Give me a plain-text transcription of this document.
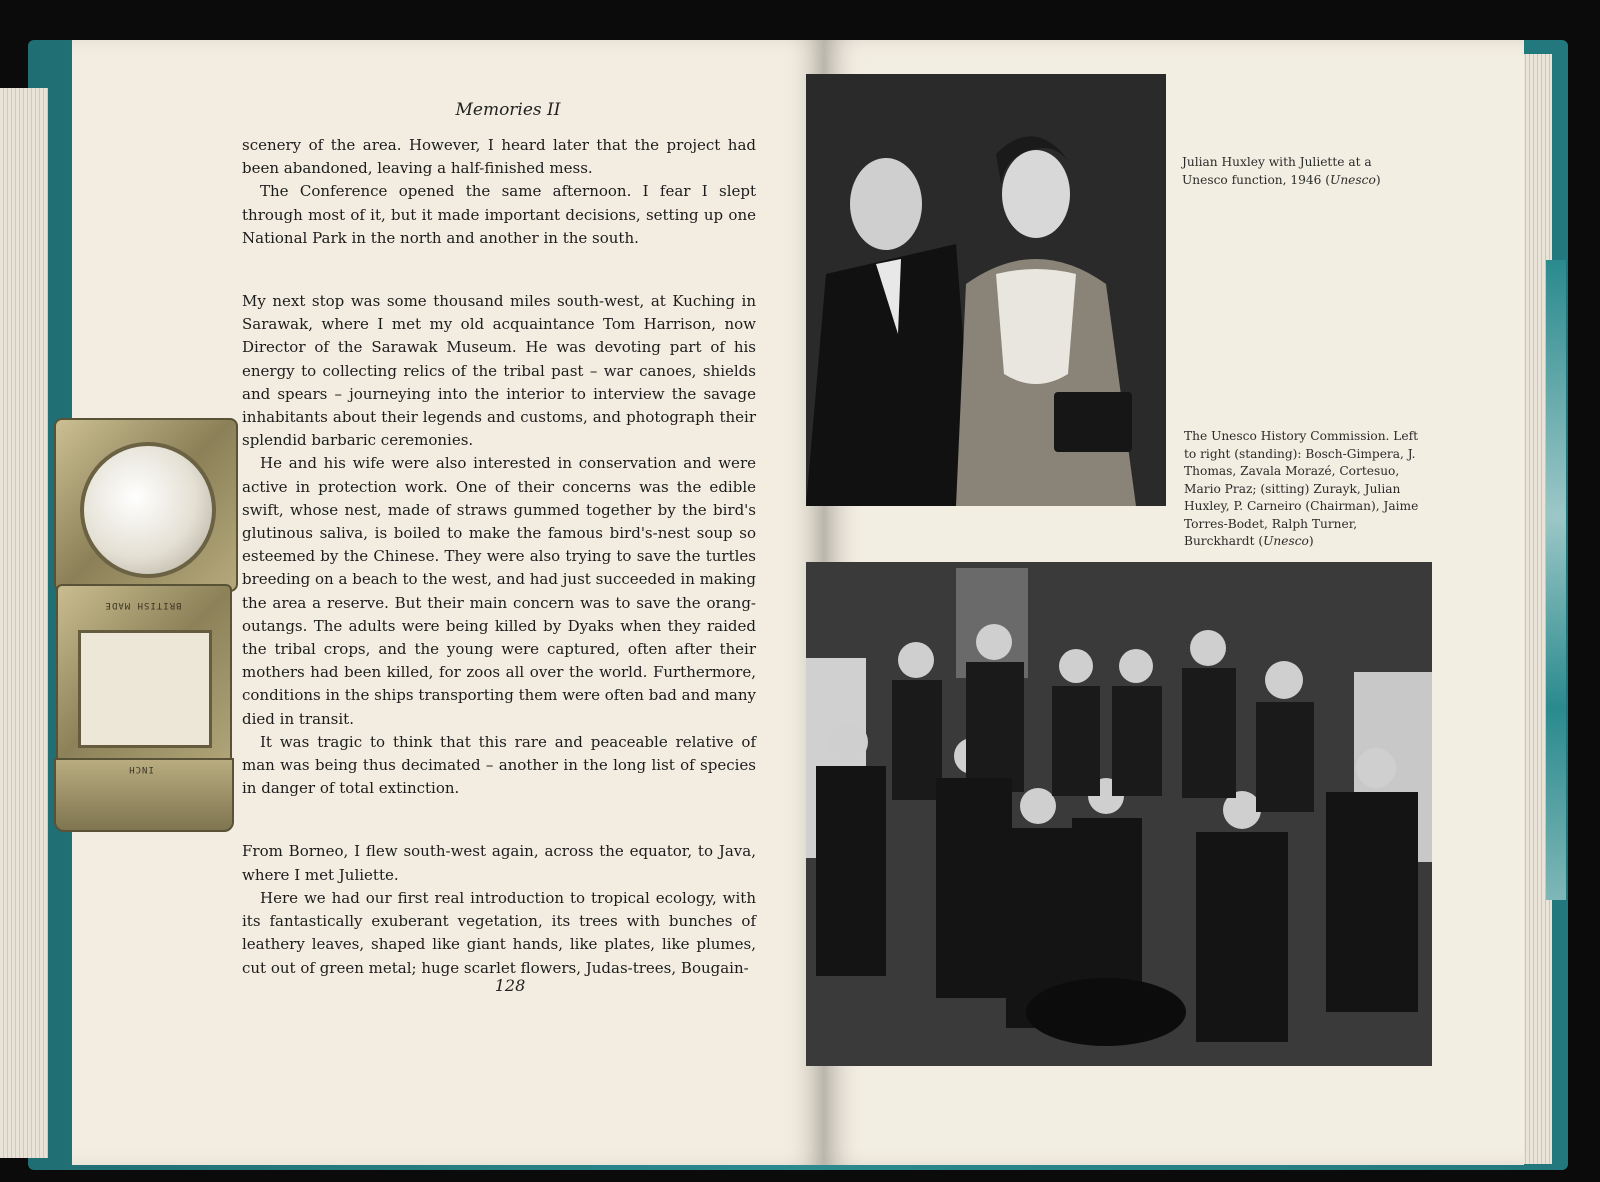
Memories II

scenery of the area. However, I heard later that the project had been abandoned, leaving a half-finished mess.

The Conference opened the same afternoon. I fear I slept through most of it, but it made important decisions, setting up one National Park in the north and another in the south.

My next stop was some thousand miles south-west, at Kuching in Sarawak, where I met my old acquaintance Tom Harrison, now Director of the Sarawak Museum. He was devoting part of his energy to collecting relics of the tribal past – war canoes, shields and spears – journeying into the interior to interview the savage inhabitants about their legends and customs, and photograph their splendid barbaric ceremonies.

He and his wife were also interested in conservation and were active in protection work. One of their concerns was the edible swift, whose nest, made of straws gummed together by the bird's glutinous saliva, is boiled to make the famous bird's-nest soup so esteemed by the Chinese. They were also trying to save the turtles breeding on a beach to the west, and had just succeeded in making the area a reserve. But their main concern was to save the orang-outangs. The adults were being killed by Dyaks when they raided the tribal crops, and the young were captured, often after their mothers had been killed, for zoos all over the world. Furthermore, conditions in the ships transporting them were often bad and many died in transit.

It was tragic to think that this rare and peaceable relative of man was being thus decimated – another in the long list of species in danger of total extinction.

From Borneo, I flew south-west again, across the equator, to Java, where I met Juliette.

Here we had our first real introduction to tropical ecology, with its fantastically exuberant vegetation, its trees with bunches of leathery leaves, shaped like giant hands, like plates, like plumes, cut out of green metal; huge scarlet flowers, Judas-trees, Bougain-

128
BRITISH MADE
INCH
Julian Huxley with Juliette at a Unesco function, 1946 (Unesco)
The Unesco History Commission. Left to right (standing): Bosch-Gimpera, J. Thomas, Zavala Morazé, Cortesuo, Mario Praz; (sitting) Zurayk, Julian Huxley, P. Carneiro (Chairman), Jaime Torres-Bodet, Ralph Turner, Burckhardt (Unesco)
